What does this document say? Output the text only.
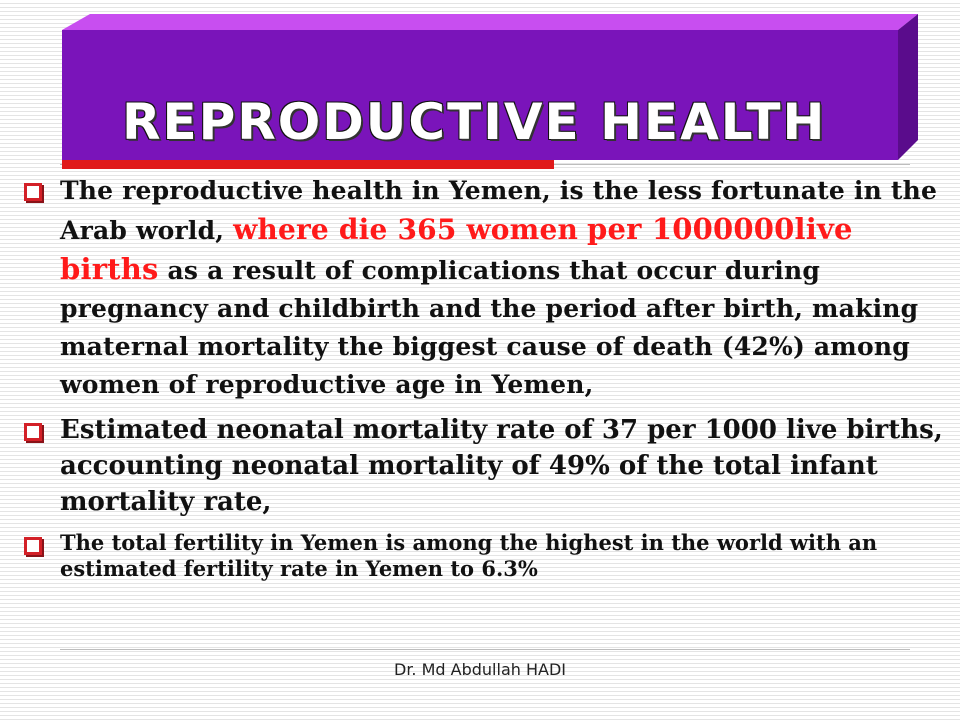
REPRODUCTIVE HEALTH
The reproductive health in Yemen, is the less fortunate in the Arab world, where die 365 women per 1000000live births as a result of complications that occur during pregnancy and childbirth and the period after birth, making maternal mortality the biggest cause of death (42%) among women of reproductive age in Yemen,
Estimated neonatal mortality rate of 37 per 1000 live births, accounting neonatal mortality of 49% of the total infant mortality rate,
The total fertility in Yemen is among the highest in the world with an estimated fertility rate in Yemen to 6.3%
Dr. Md Abdullah HADI
